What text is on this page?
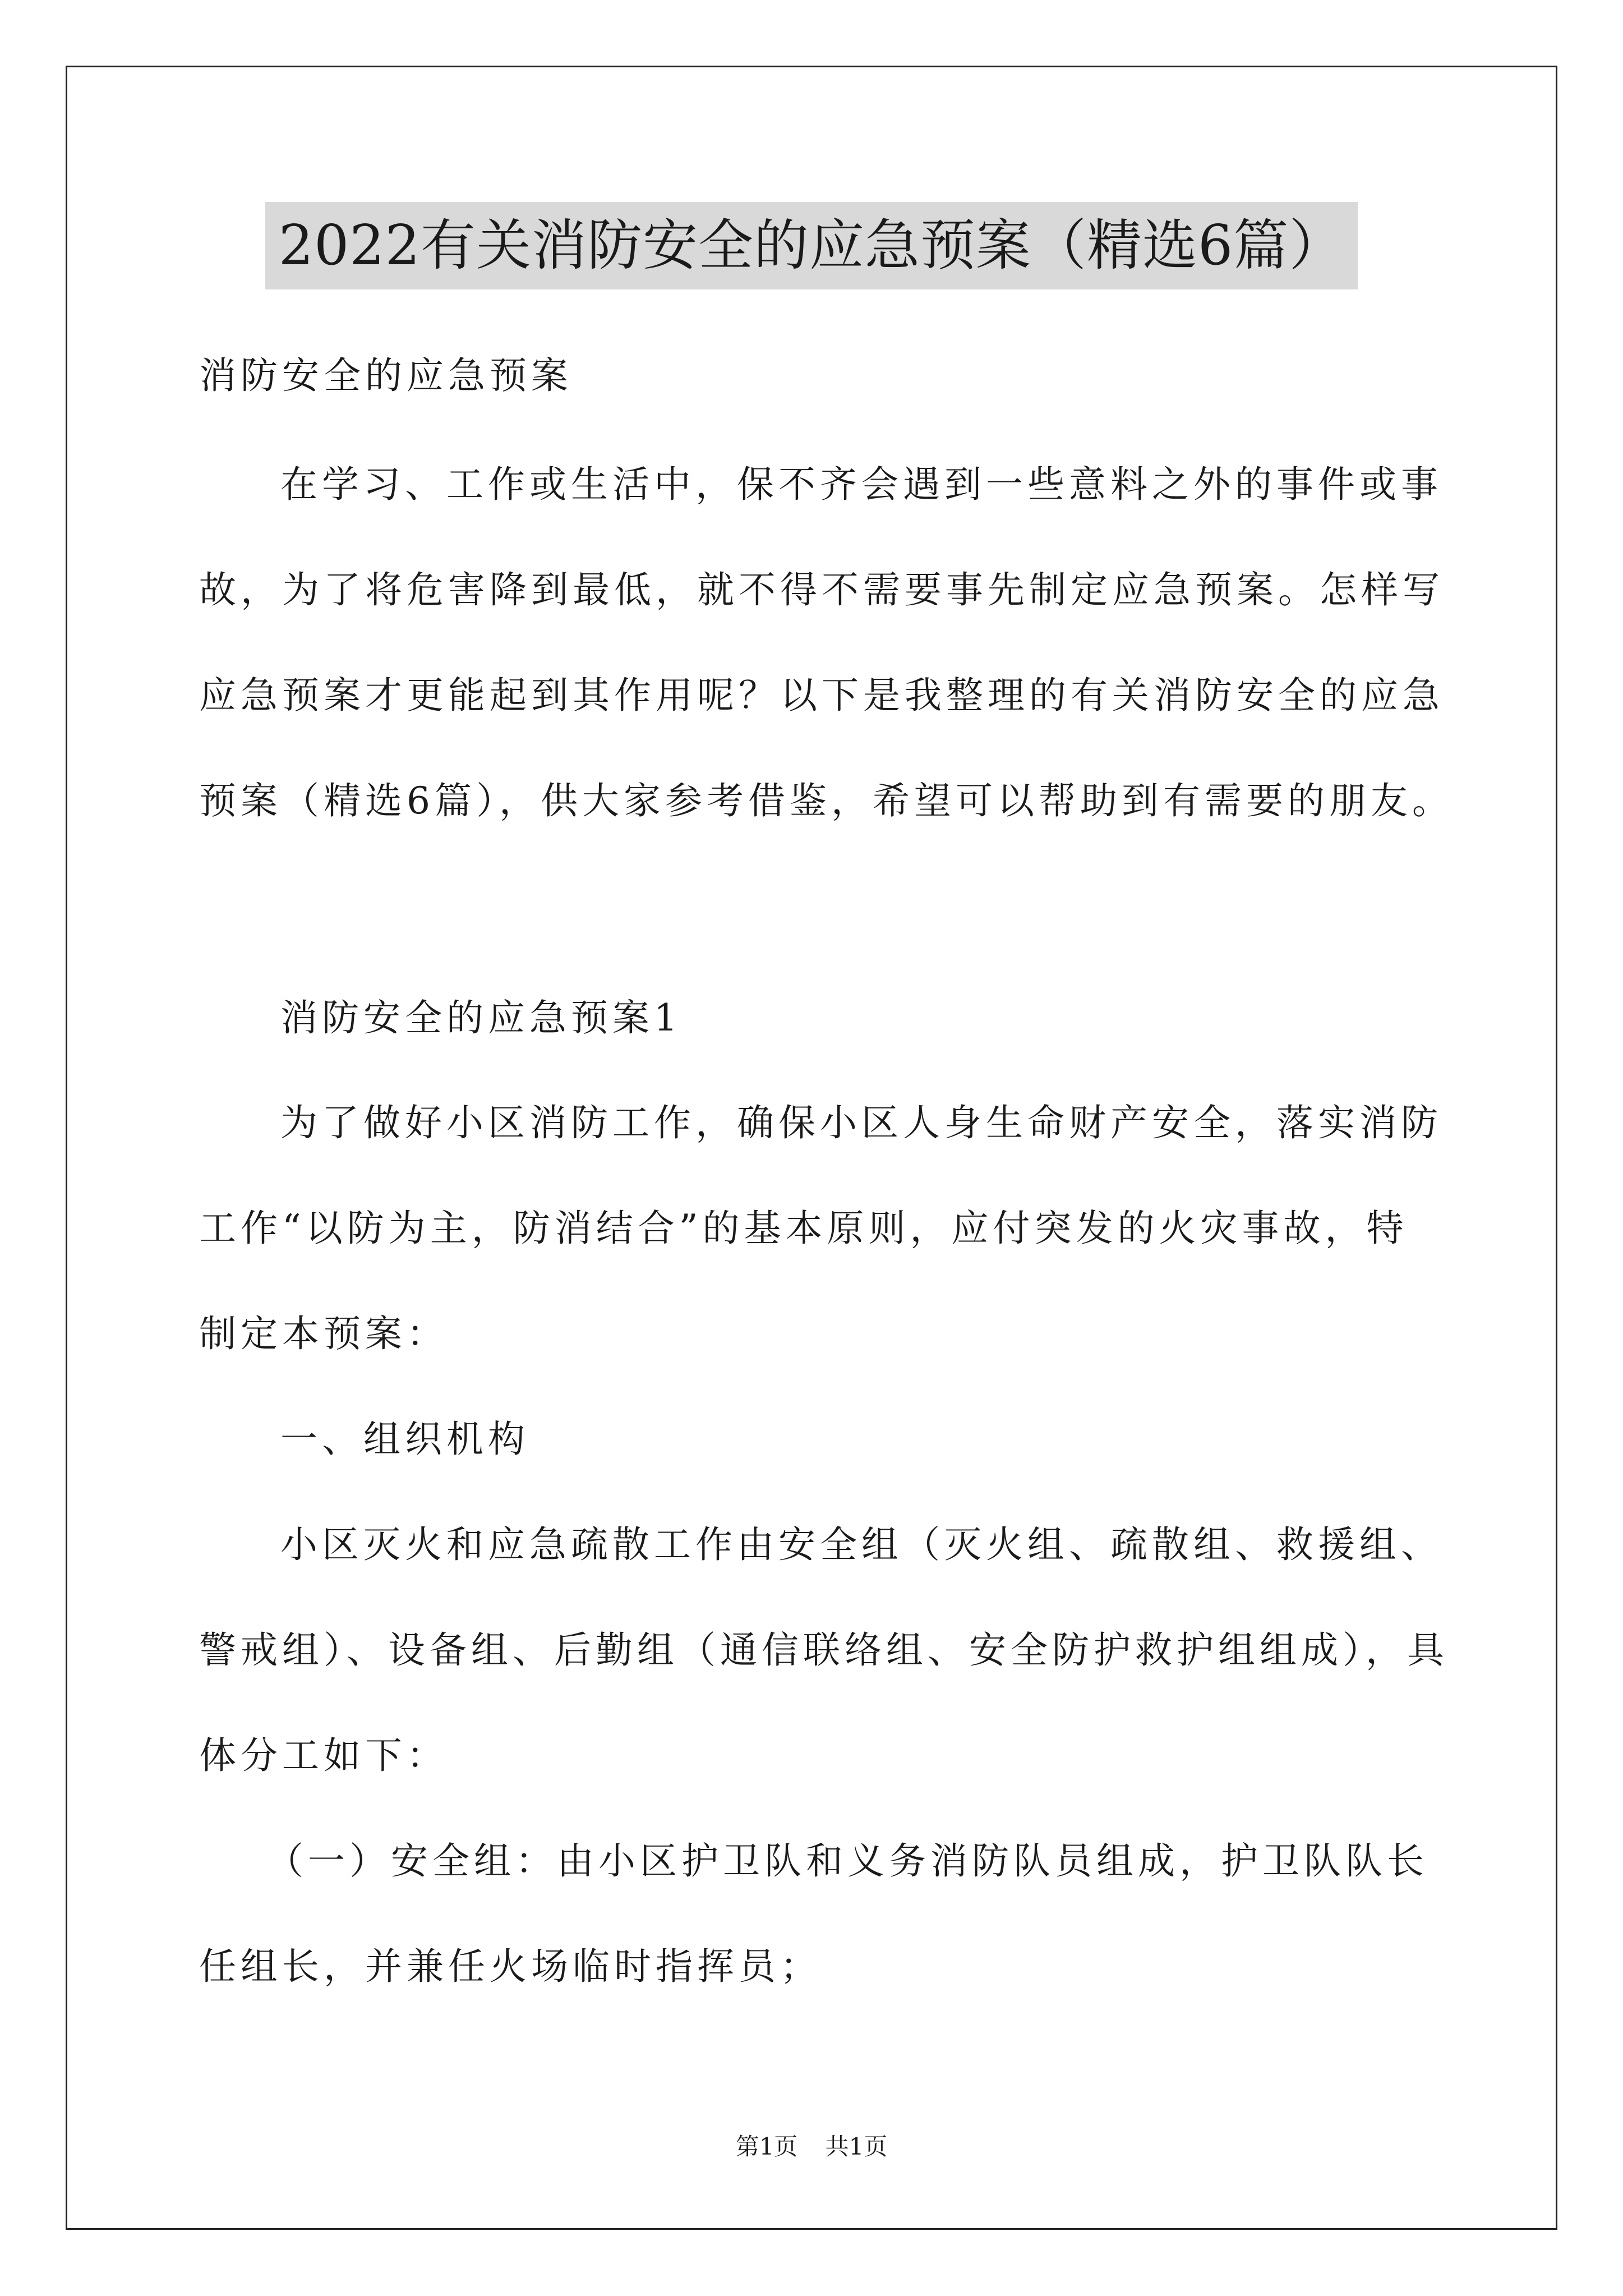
2022有关消防安全的应急预案（精选6篇）
消防安全的应急预案
在学习、工作或生活中，保不齐会遇到一些意料之外的事件或事
故，为了将危害降到最低，就不得不需要事先制定应急预案。怎样写
应急预案才更能起到其作用呢？以下是我整理的有关消防安全的应急
预案（精选6篇），供大家参考借鉴，希望可以帮助到有需要的朋友。
消防安全的应急预案1
为了做好小区消防工作，确保小区人身生命财产安全，落实消防
工作“以防为主，防消结合”的基本原则，应付突发的火灾事故，特
制定本预案：
一、组织机构
小区灭火和应急疏散工作由安全组（灭火组、疏散组、救援组、
警戒组）、设备组、后勤组（通信联络组、安全防护救护组组成），具
体分工如下：
（一）安全组：由小区护卫队和义务消防队员组成，护卫队队长
任组长，并兼任火场临时指挥员；
第1页 共1页
